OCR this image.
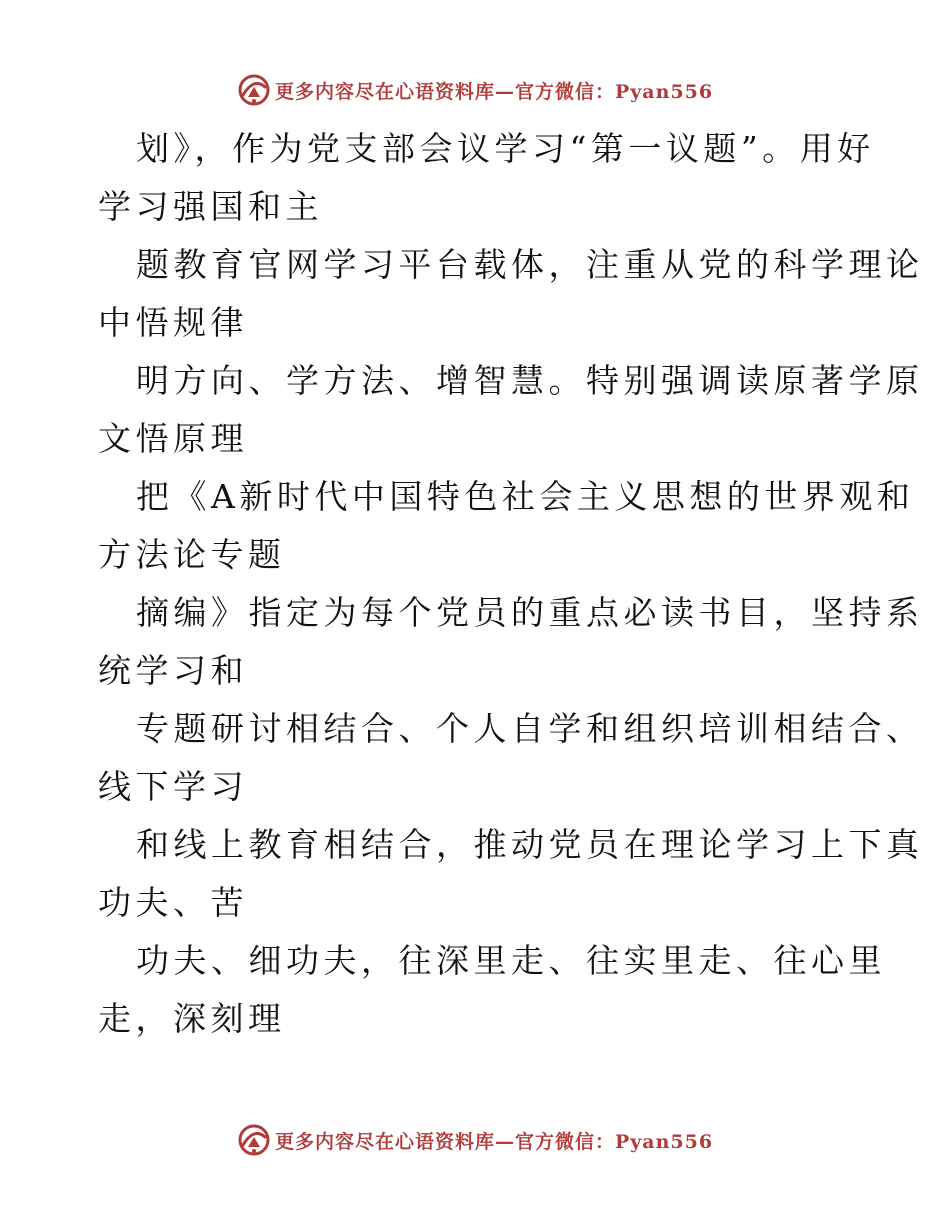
更多内容尽在心语资料库—官方微信：Pyan556
划》，作为党支部会议学习“第一议题”。用好
学习强国和主
题教育官网学习平台载体，注重从党的科学理论
中悟规律
明方向、学方法、增智慧。特别强调读原著学原
文悟原理
把《A新时代中国特色社会主义思想的世界观和
方法论专题
摘编》指定为每个党员的重点必读书目，坚持系
统学习和
专题研讨相结合、个人自学和组织培训相结合、
线下学习
和线上教育相结合，推动党员在理论学习上下真
功夫、苦
功夫、细功夫，往深里走、往实里走、往心里
走，深刻理
更多内容尽在心语资料库—官方微信：Pyan556
